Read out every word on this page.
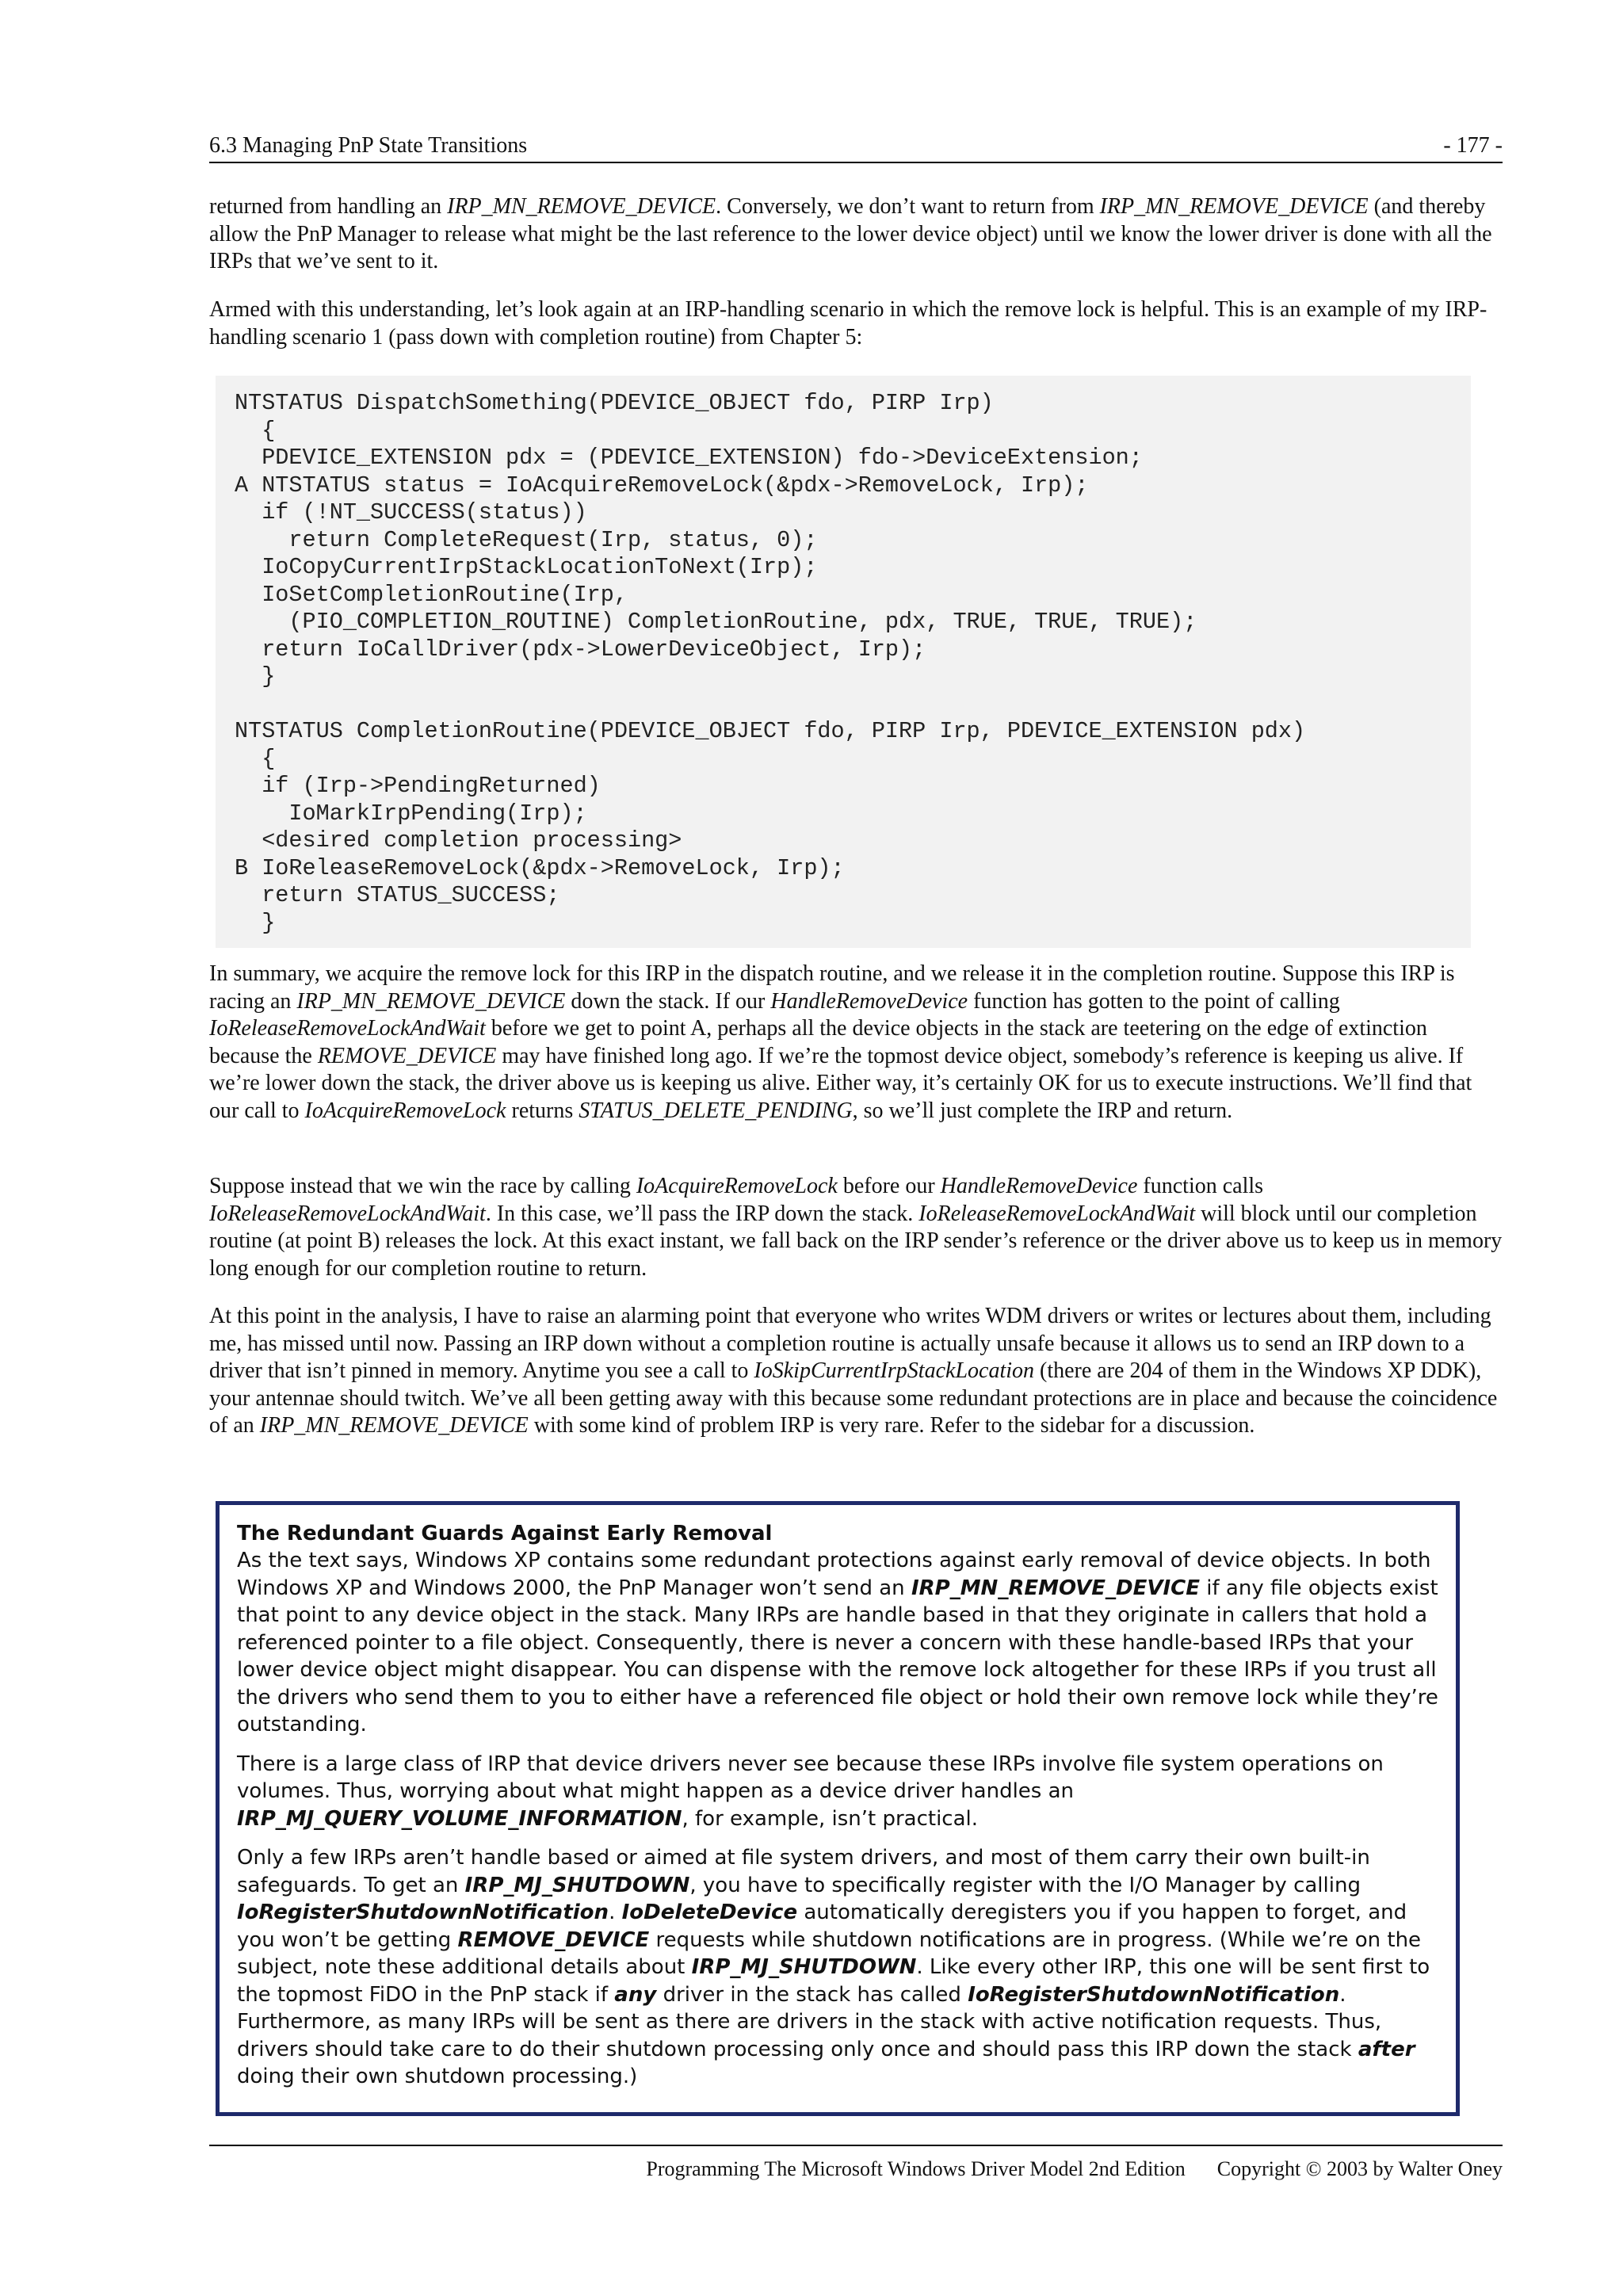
6.3 Managing PnP State Transitions	- 177 -

returned from handling an IRP_MN_REMOVE_DEVICE. Conversely, we don’t want to return from IRP_MN_REMOVE_DEVICE (and thereby allow the PnP Manager to release what might be the last reference to the lower device object) until we know the lower driver is done with all the IRPs that we’ve sent to it.

Armed with this understanding, let’s look again at an IRP-handling scenario in which the remove lock is helpful. This is an example of my IRP-handling scenario 1 (pass down with completion routine) from Chapter 5:

NTSTATUS DispatchSomething(PDEVICE_OBJECT fdo, PIRP Irp)
{
PDEVICE_EXTENSION pdx = (PDEVICE_EXTENSION) fdo->DeviceExtension;
A NTSTATUS status = IoAcquireRemoveLock(&pdx->RemoveLock, Irp);
if (!NT_SUCCESS(status))
return CompleteRequest(Irp, status, 0);
IoCopyCurrentIrpStackLocationToNext(Irp);
IoSetCompletionRoutine(Irp,
(PIO_COMPLETION_ROUTINE) CompletionRoutine, pdx, TRUE, TRUE, TRUE);
return IoCallDriver(pdx->LowerDeviceObject, Irp);
}

NTSTATUS CompletionRoutine(PDEVICE_OBJECT fdo, PIRP Irp, PDEVICE_EXTENSION pdx)
{
if (Irp->PendingReturned)
IoMarkIrpPending(Irp);
<desired completion processing>
B IoReleaseRemoveLock(&pdx->RemoveLock, Irp);
return STATUS_SUCCESS;
}

In summary, we acquire the remove lock for this IRP in the dispatch routine, and we release it in the completion routine. Suppose this IRP is racing an IRP_MN_REMOVE_DEVICE down the stack. If our HandleRemoveDevice function has gotten to the point of calling IoReleaseRemoveLockAndWait before we get to point A, perhaps all the device objects in the stack are teetering on the edge of extinction because the REMOVE_DEVICE may have finished long ago. If we’re the topmost device object, somebody’s reference is keeping us alive. If we’re lower down the stack, the driver above us is keeping us alive. Either way, it’s certainly OK for us to execute instructions. We’ll find that our call to IoAcquireRemoveLock returns STATUS_DELETE_PENDING, so we’ll just complete the IRP and return.

Suppose instead that we win the race by calling IoAcquireRemoveLock before our HandleRemoveDevice function calls IoReleaseRemoveLockAndWait. In this case, we’ll pass the IRP down the stack. IoReleaseRemoveLockAndWait will block until our completion routine (at point B) releases the lock. At this exact instant, we fall back on the IRP sender’s reference or the driver above us to keep us in memory long enough for our completion routine to return.

At this point in the analysis, I have to raise an alarming point that everyone who writes WDM drivers or writes or lectures about them, including me, has missed until now. Passing an IRP down without a completion routine is actually unsafe because it allows us to send an IRP down to a driver that isn’t pinned in memory. Anytime you see a call to IoSkipCurrentIrpStackLocation (there are 204 of them in the Windows XP DDK), your antennae should twitch. We’ve all been getting away with this because some redundant protections are in place and because the coincidence of an IRP_MN_REMOVE_DEVICE with some kind of problem IRP is very rare. Refer to the sidebar for a discussion.

The Redundant Guards Against Early Removal

As the text says, Windows XP contains some redundant protections against early removal of device objects. In both Windows XP and Windows 2000, the PnP Manager won’t send an IRP_MN_REMOVE_DEVICE if any file objects exist that point to any device object in the stack. Many IRPs are handle based in that they originate in callers that hold a referenced pointer to a file object. Consequently, there is never a concern with these handle-based IRPs that your lower device object might disappear. You can dispense with the remove lock altogether for these IRPs if you trust all the drivers who send them to you to either have a referenced file object or hold their own remove lock while they’re outstanding.

There is a large class of IRP that device drivers never see because these IRPs involve file system operations on volumes. Thus, worrying about what might happen as a device driver handles an IRP_MJ_QUERY_VOLUME_INFORMATION, for example, isn’t practical.

Only a few IRPs aren’t handle based or aimed at file system drivers, and most of them carry their own built-in safeguards. To get an IRP_MJ_SHUTDOWN, you have to specifically register with the I/O Manager by calling IoRegisterShutdownNotification. IoDeleteDevice automatically deregisters you if you happen to forget, and you won’t be getting REMOVE_DEVICE requests while shutdown notifications are in progress. (While we’re on the subject, note these additional details about IRP_MJ_SHUTDOWN. Like every other IRP, this one will be sent first to the topmost FiDO in the PnP stack if any driver in the stack has called IoRegisterShutdownNotification. Furthermore, as many IRPs will be sent as there are drivers in the stack with active notification requests. Thus, drivers should take care to do their shutdown processing only once and should pass this IRP down the stack after doing their own shutdown processing.)

Programming The Microsoft Windows Driver Model 2nd Edition Copyright © 2003 by Walter Oney
